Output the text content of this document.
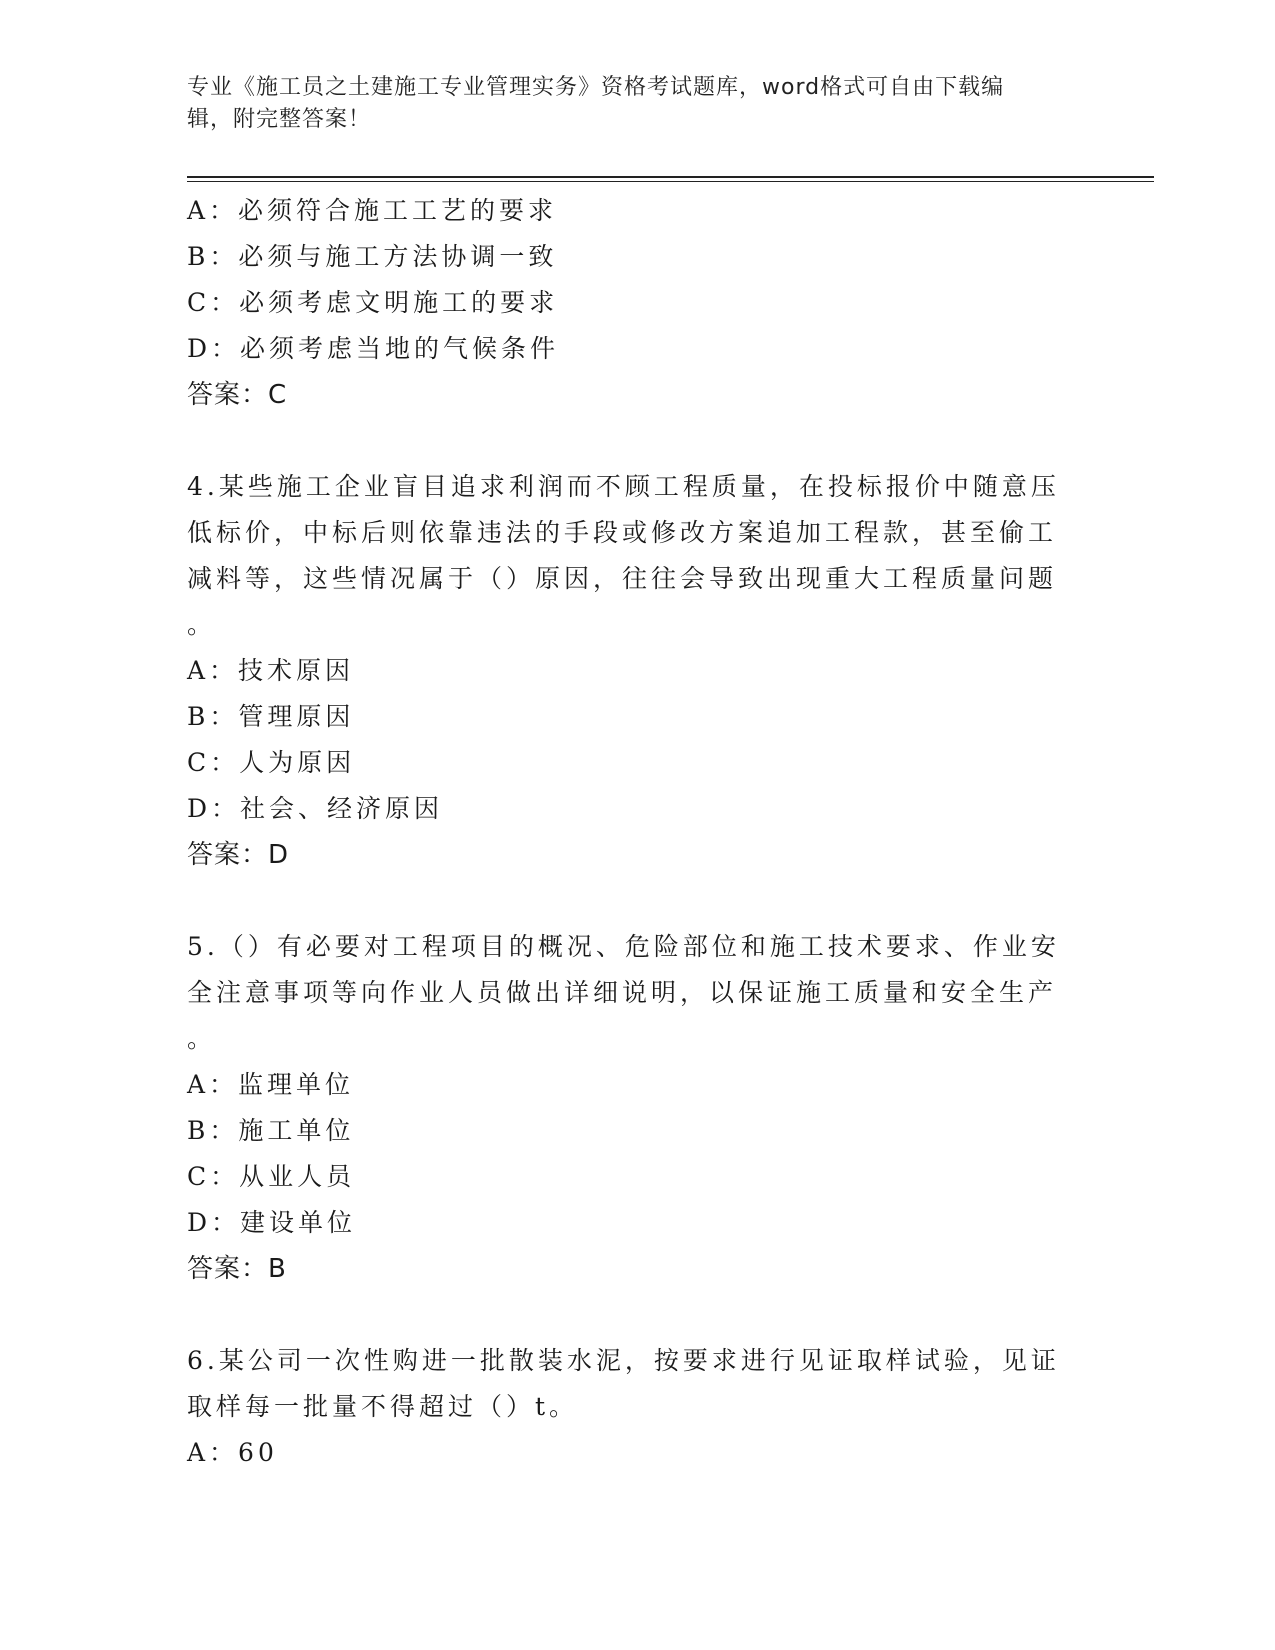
专业《施工员之土建施工专业管理实务》资格考试题库，word格式可自由下载编
辑，附完整答案！
A：必须符合施工工艺的要求
B：必须与施工方法协调一致
C：必须考虑文明施工的要求
D：必须考虑当地的气候条件
答案：C
4.某些施工企业盲目追求利润而不顾工程质量，在投标报价中随意压
低标价，中标后则依靠违法的手段或修改方案追加工程款，甚至偷工
减料等，这些情况属于（）原因，往往会导致出现重大工程质量问题
。
A：技术原因
B：管理原因
C：人为原因
D：社会、经济原因
答案：D
5.（）有必要对工程项目的概况、危险部位和施工技术要求、作业安
全注意事项等向作业人员做出详细说明，以保证施工质量和安全生产
。
A：监理单位
B：施工单位
C：从业人员
D：建设单位
答案：B
6.某公司一次性购进一批散装水泥，按要求进行见证取样试验，见证
取样每一批量不得超过（）t。
A：60
